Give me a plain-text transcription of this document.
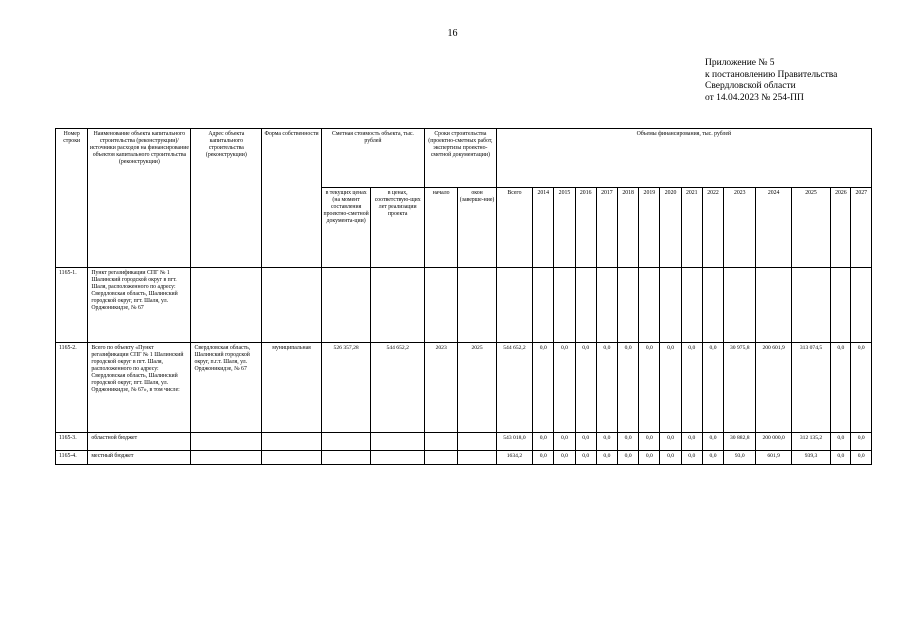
16
Приложение № 5
к постановлению Правительства
Свердловской области
от 14.04.2023 № 254-ПП
Номер строки	Наименование объекта капитального строительства (реконструкции)/источники расходов на финансирование объектов капитального строительства (реконструкции)	Адрес объекта капитального строительства (реконструкции)	Форма собственности	Сметная стоимость объекта, тыс. рублей		Сроки строительства (проектно-сметных работ, экспертизы проектно-сметной документации)		Объемы финансирования, тыс. рублей														
				в текущих ценах (на момент составления проектно-сметной документа-ции)	в ценах, соответствую-щих лет реализации проекта	начало	окон (заверше-ние)	Всего	2014	2015	2016	2017	2018	2019	2020	2021	2022	2023	2024	2025	2026	2027
1165-1.	Пункт регазификации СПГ № 1 Шалинский городской округ в пгт. Шаля, расположенного по адресу: Свердловская область, Шалинский городской округ, пгт. Шаля, ул. Орджоникидзе, № 67																					
1165-2.	Всего по объекту «Пункт регазификации СПГ № 1 Шалинский городской округ в пгт. Шаля, расположенного по адресу: Свердловская область, Шалинский городской округ, пгт. Шаля, ул. Орджоникидзе, № 67», в том числе:	Свердловская область, Шалинский городской округ, п.г.т. Шаля, ул. Орджоникидзе, № 67	муниципальная	526 357,28	544 652,2	2023	2025	544 652,2	0,0	0,0	0,0	0,0	0,0	0,0	0,0	0,0	0,0	30 975,8	200 601,9	313 074,5	0,0	0,0
1165-3.	областной бюджет							543 018,0	0,0	0,0	0,0	0,0	0,0	0,0	0,0	0,0	0,0	30 882,8	200 000,0	312 135,2	0,0	0,0
1165-4.	местный бюджет							1634,2	0,0	0,0	0,0	0,0	0,0	0,0	0,0	0,0	0,0	93,0	601,9	939,3	0,0	0,0
